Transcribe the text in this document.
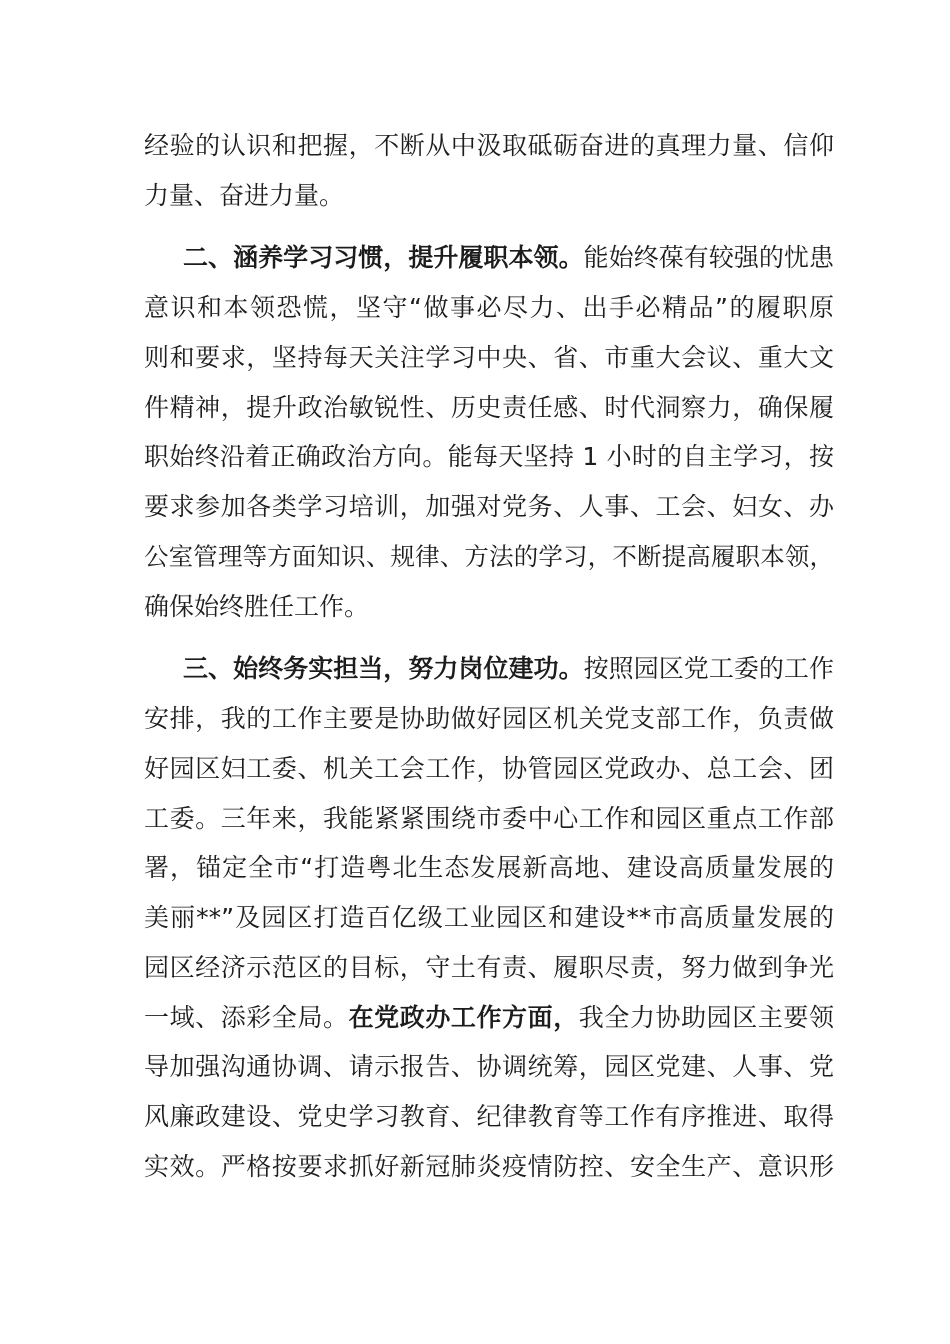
经验的认识和把握，不断从中汲取砥砺奋进的真理力量、信仰
力量、奋进力量。
二、涵养学习习惯，提升履职本领。能始终葆有较强的忧患
意识和本领恐慌，坚守“做事必尽力、出手必精品”的履职原
则和要求，坚持每天关注学习中央、省、市重大会议、重大文
件精神，提升政治敏锐性、历史责任感、时代洞察力，确保履
职始终沿着正确政治方向。能每天坚持 1 小时的自主学习，按
要求参加各类学习培训，加强对党务、人事、工会、妇女、办
公室管理等方面知识、规律、方法的学习，不断提高履职本领，
确保始终胜任工作。
三、始终务实担当，努力岗位建功。按照园区党工委的工作
安排，我的工作主要是协助做好园区机关党支部工作，负责做
好园区妇工委、机关工会工作，协管园区党政办、总工会、团
工委。三年来，我能紧紧围绕市委中心工作和园区重点工作部
署，锚定全市“打造粤北生态发展新高地、建设高质量发展的
美丽**”及园区打造百亿级工业园区和建设**市高质量发展的
园区经济示范区的目标，守土有责、履职尽责，努力做到争光
一域、添彩全局。在党政办工作方面，我全力协助园区主要领
导加强沟通协调、请示报告、协调统筹，园区党建、人事、党
风廉政建设、党史学习教育、纪律教育等工作有序推进、取得
实效。严格按要求抓好新冠肺炎疫情防控、安全生产、意识形
